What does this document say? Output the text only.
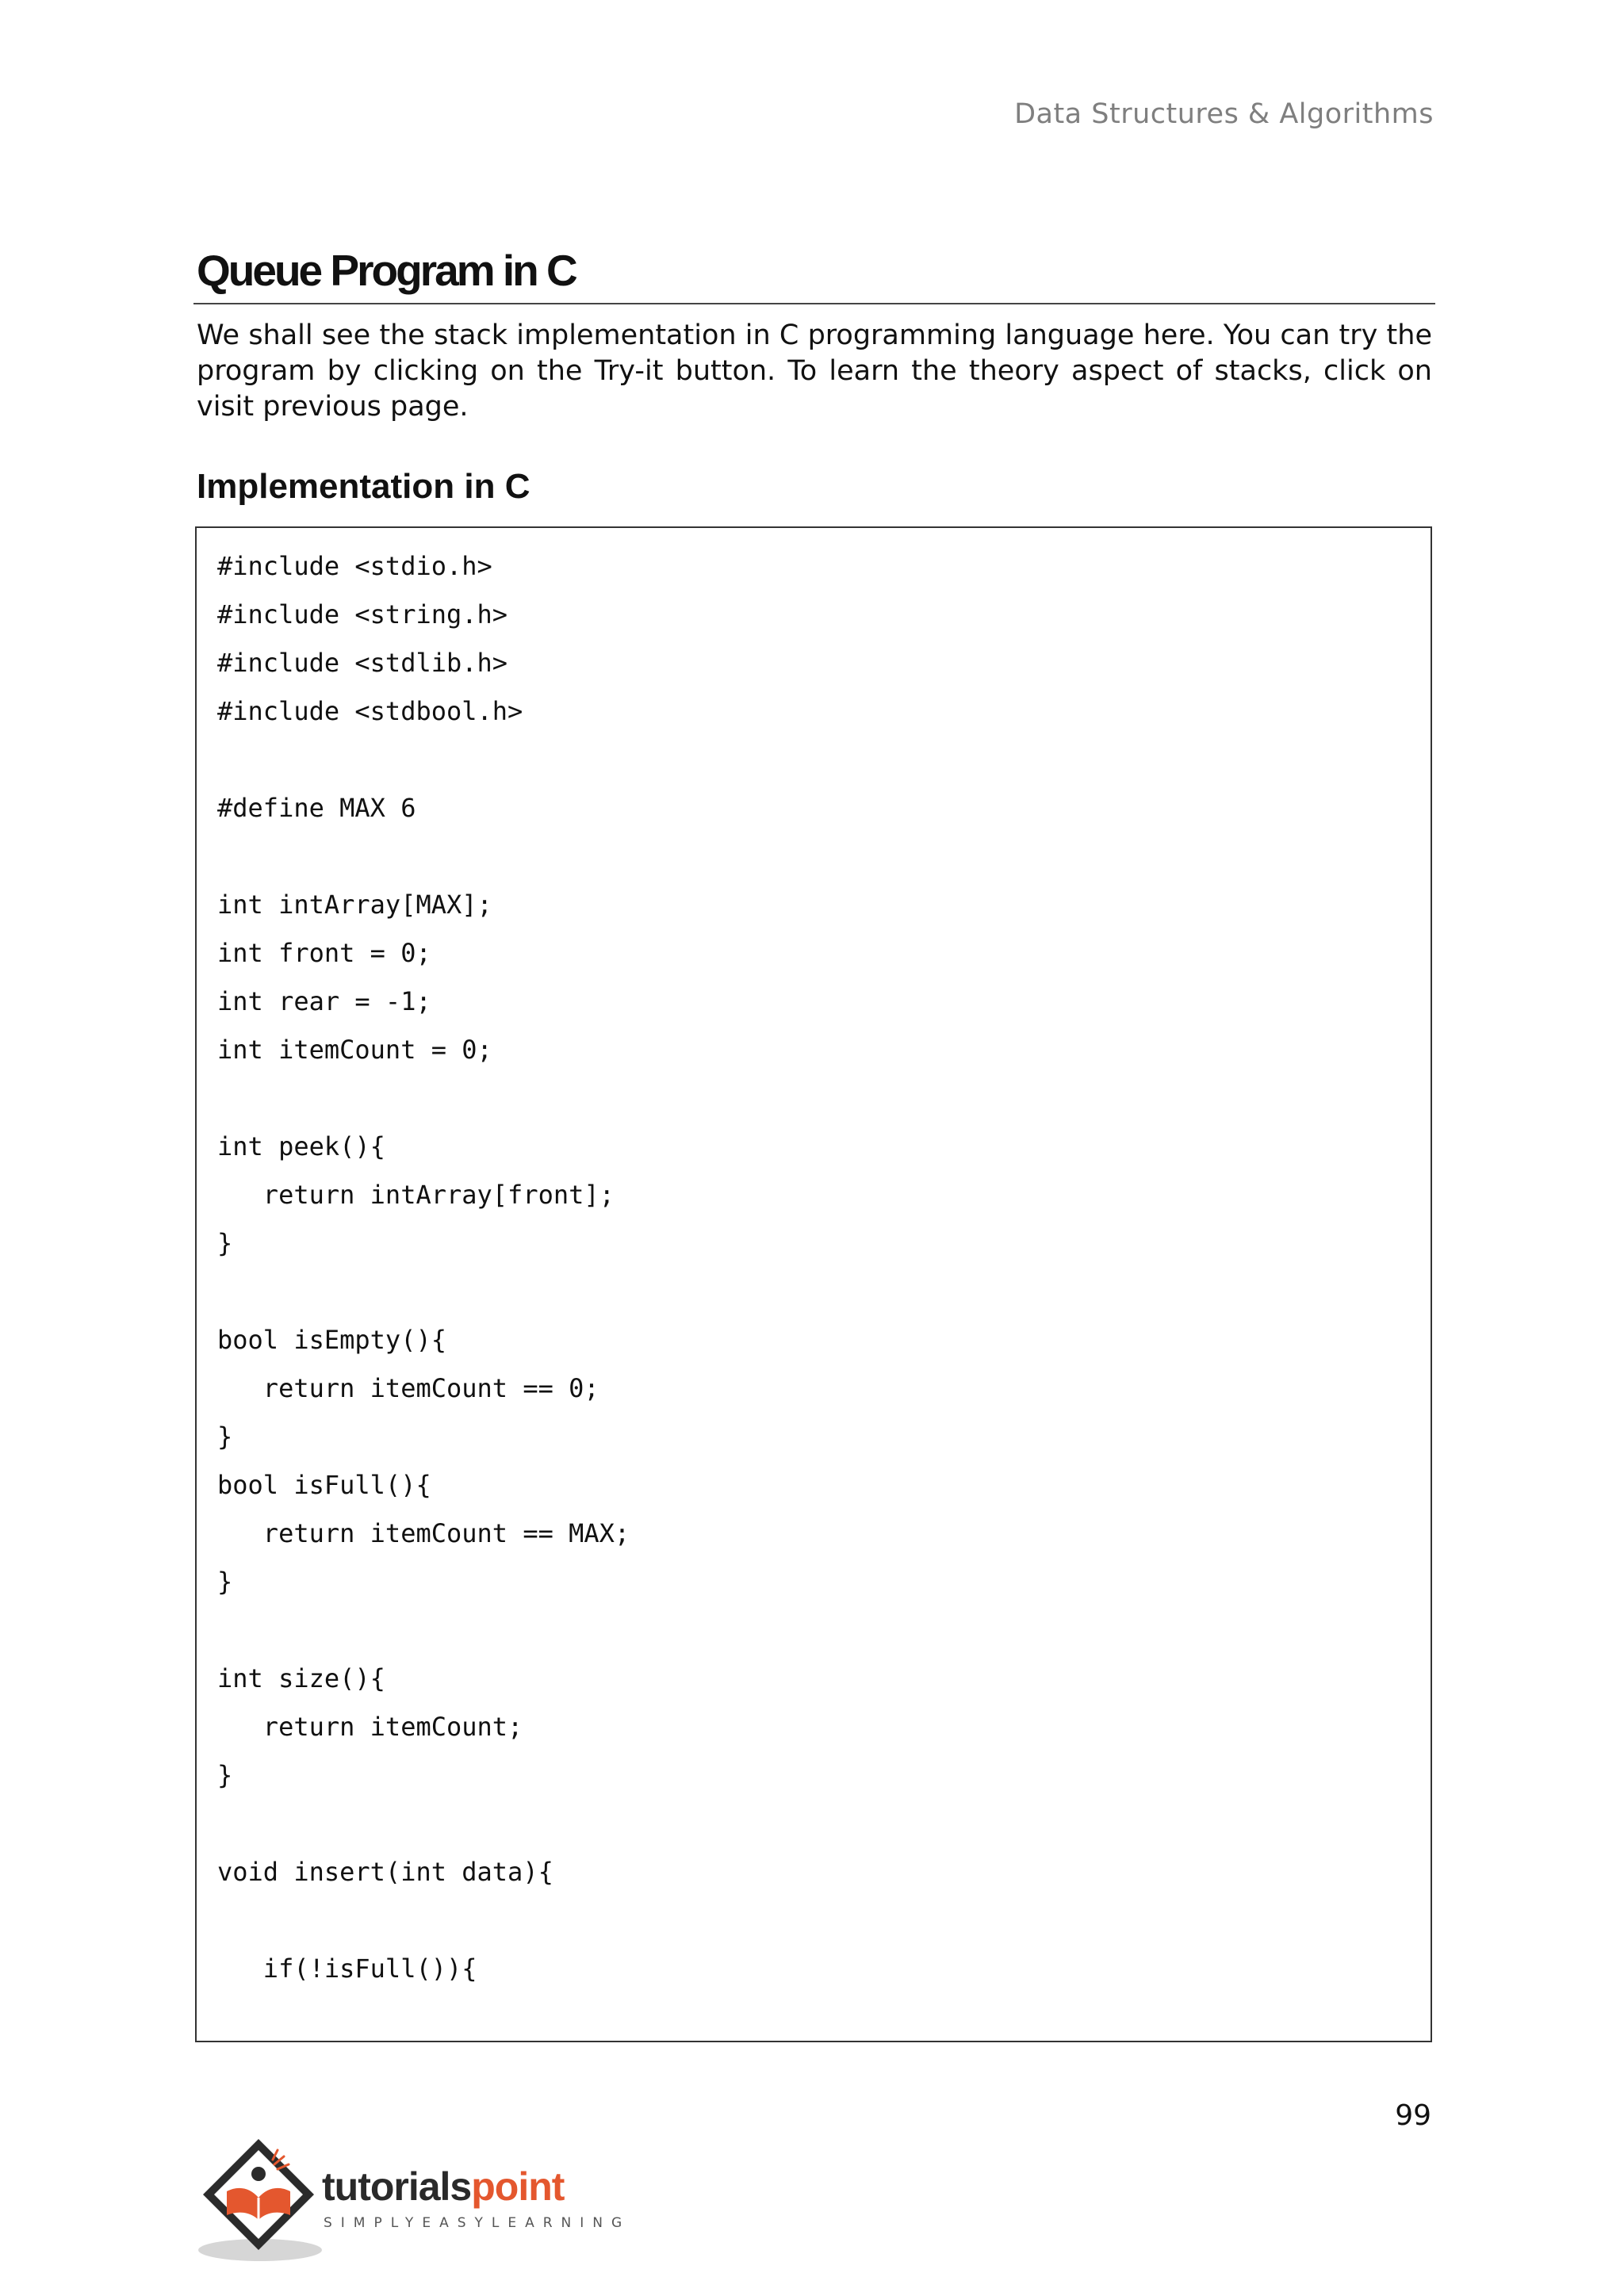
Data Structures & Algorithms
Queue Program in C

We shall see the stack implementation in C programming language here. You can try the program by clicking on the Try-it button. To learn the theory aspect of stacks, click on visit previous page.

Implementation in C
#include <stdio.h>
#include <string.h>
#include <stdlib.h>
#include <stdbool.h>
#define MAX 6
int intArray[MAX];
int front = 0;
int rear = -1;
int itemCount = 0;
int peek(){
return intArray[front];
}
bool isEmpty(){
return itemCount == 0;
}
bool isFull(){
return itemCount == MAX;
}
int size(){
return itemCount;
}
void insert(int data){
if(!isFull()){
99
tutorialspoint
SIMPLYEASYLEARNING
